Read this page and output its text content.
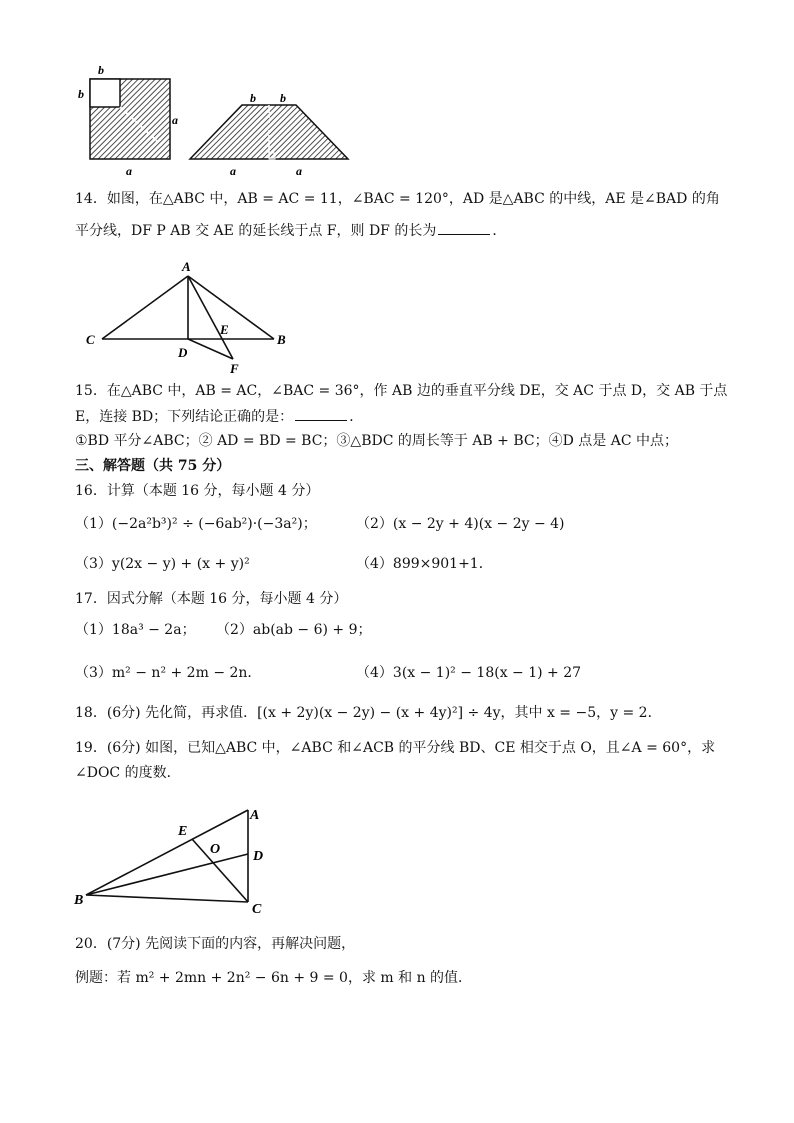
b
b
a
a
b b
a	a
14．如图，在△ABC 中，AB = AC = 11，∠BAC = 120°，AD 是△ABC 的中线，AE 是∠BAD 的角
平分线，DF P AB 交 AE 的延长线于点 F，则 DF 的长为	．
A
C	B
D
E
F
15．在△ABC 中，AB = AC，∠BAC = 36°，作 AB 边的垂直平分线 DE，交 AC 于点 D，交 AB 于点
E，连接 BD；下列结论正确的是：	．
①BD 平分∠ABC；② AD = BD = BC；③△BDC 的周长等于 AB + BC；④D 点是 AC 中点；
三、解答题（共 75 分）
16．计算（本题 16 分，每小题 4 分）
（1）(−2a²b³)² ÷ (−6ab²)·(−3a²)；	（2）(x − 2y + 4)(x − 2y − 4)
（3）y(2x − y) + (x + y)²	（4）899×901+1．
17．因式分解（本题 16 分，每小题 4 分）
（1）18a³ − 2a； （2）ab(ab − 6) + 9；
（3）m² − n² + 2m − 2n．	（4）3(x − 1)² − 18(x − 1) + 27
18．(6分) 先化简，再求值．[(x + 2y)(x − 2y) − (x + 4y)²] ÷ 4y，其中 x = −5，y = 2．
19．(6分) 如图，已知△ABC 中，∠ABC 和∠ACB 的平分线 BD、CE 相交于点 O，且∠A = 60°，求
∠DOC 的度数．
A
B
C
D
E
O
20．(7分) 先阅读下面的内容，再解决问题，
例题：若 m² + 2mn + 2n² − 6n + 9 = 0，求 m 和 n 的值．
